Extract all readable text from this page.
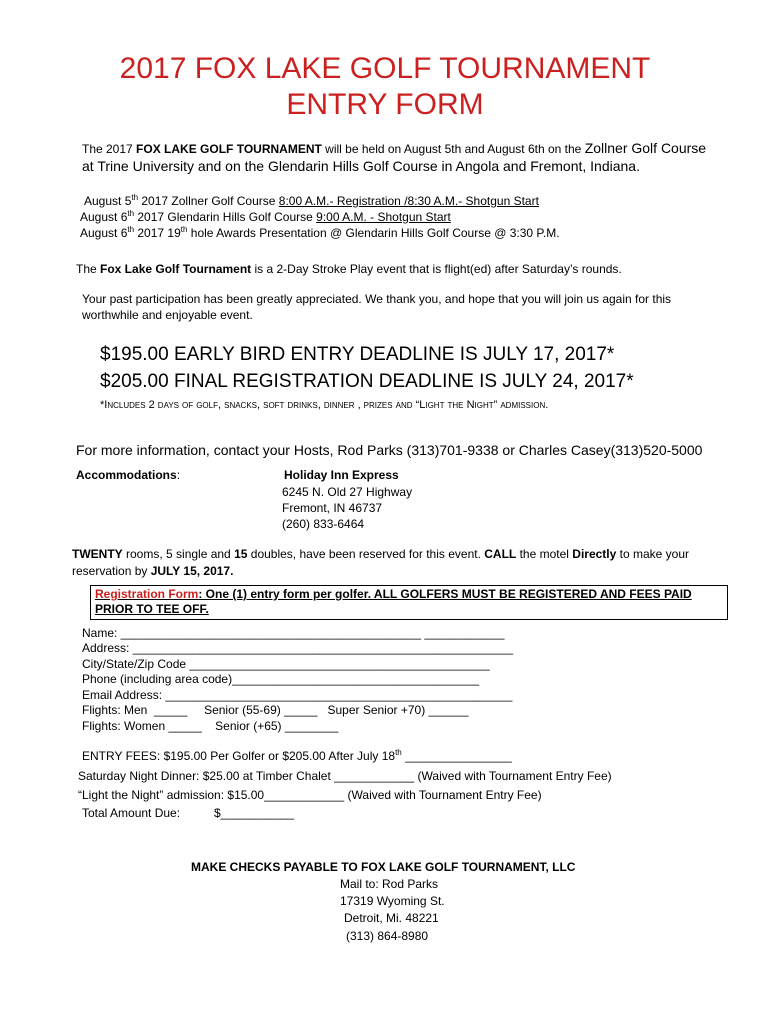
2017 FOX LAKE GOLF TOURNAMENT
ENTRY FORM
The 2017 FOX LAKE GOLF TOURNAMENT will be held on August 5th and August 6th on the Zollner Golf Course
at Trine University and on the Glendarin Hills Golf Course in Angola and Fremont, Indiana.
August 5th 2017 Zollner Golf Course 8:00 A.M.- Registration /8:30 A.M.- Shotgun Start
August 6th 2017 Glendarin Hills Golf Course 9:00 A.M. - Shotgun Start
August 6th 2017 19th hole Awards Presentation @ Glendarin Hills Golf Course @ 3:30 P.M.
The Fox Lake Golf Tournament is a 2-Day Stroke Play event that is flight(ed) after Saturday’s rounds.
Your past participation has been greatly appreciated. We thank you, and hope that you will join us again for this
worthwhile and enjoyable event.
$195.00 EARLY BIRD ENTRY DEADLINE IS JULY 17, 2017*
$205.00 FINAL REGISTRATION DEADLINE IS JULY 24, 2017*
*Includes 2 days of golf, snacks, soft drinks, dinner , prizes and “Light the Night” admission.
For more information, contact your Hosts, Rod Parks (313)701-9338 or Charles Casey(313)520-5000
Accommodations:	Holiday Inn Express
6245 N. Old 27 Highway
Fremont, IN 46737
(260) 833-6464
TWENTY rooms, 5 single and 15 doubles, have been reserved for this event. CALL the motel Directly to make your
reservation by JULY 15, 2017.
Registration Form: One (1) entry form per golfer. ALL GOLFERS MUST BE REGISTERED AND FEES PAID
PRIOR TO TEE OFF.
Name: _____________________________________________ ____________
Address: _________________________________________________________
City/State/Zip Code _____________________________________________
Phone (including area code)_____________________________________
Email Address: ____________________________________________________
Flights: Men  _____     Senior (55-69) _____   Super Senior +70) ______
Flights: Women _____    Senior (+65) ________
ENTRY FEES: $195.00 Per Golfer or $205.00 After July 18th ________________
Saturday Night Dinner: $25.00 at Timber Chalet ____________ (Waived with Tournament Entry Fee)
“Light the Night” admission: $15.00____________ (Waived with Tournament Entry Fee)
Total Amount Due:	$___________
MAKE CHECKS PAYABLE TO FOX LAKE GOLF TOURNAMENT, LLC
Mail to: Rod Parks
17319 Wyoming St.
Detroit, Mi. 48221
(313) 864-8980
